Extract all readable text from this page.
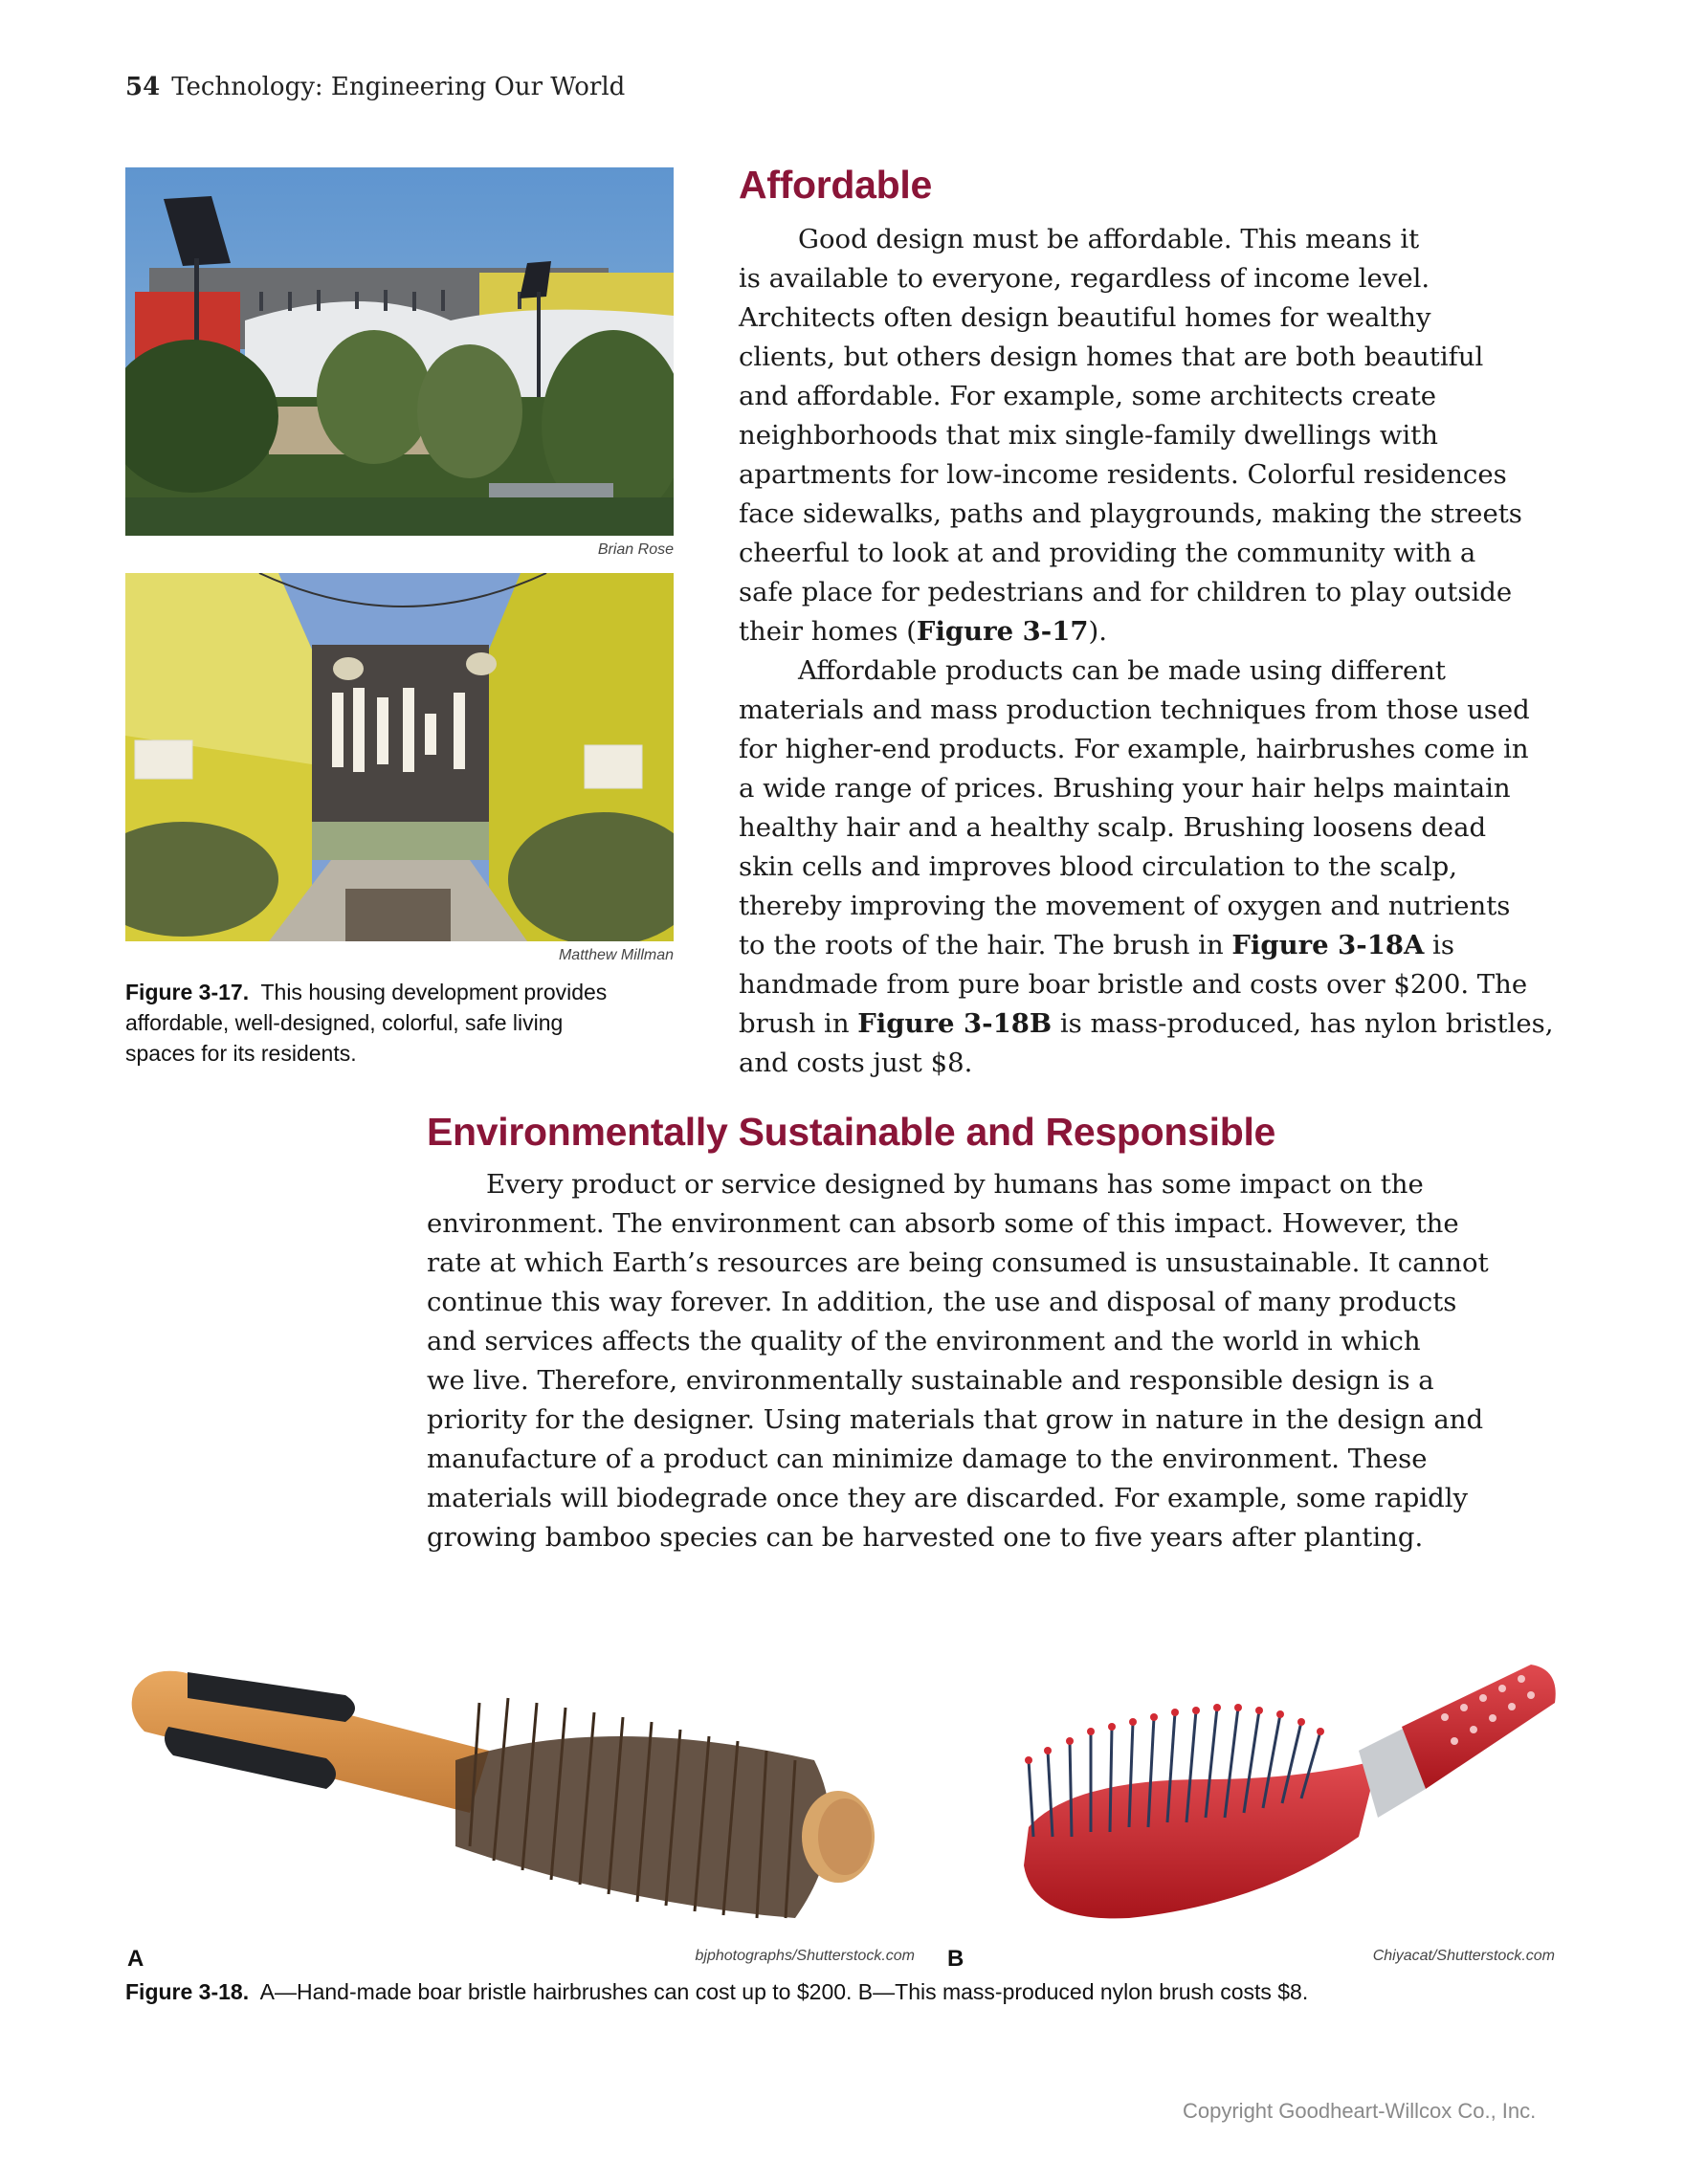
54 Technology: Engineering Our World
Brian Rose
Matthew Millman
Figure 3-17. This housing development provides
affordable, well-designed, colorful, safe living
spaces for its residents.
Affordable
Good design must be affordable. This means it
is available to everyone, regardless of income level.
Architects often design beautiful homes for wealthy
clients, but others design homes that are both beautiful
and affordable. For example, some architects create
neighborhoods that mix single-family dwellings with
apartments for low-income residents. Colorful residences
face sidewalks, paths and playgrounds, making the streets
cheerful to look at and providing the community with a
safe place for pedestrians and for children to play outside
their homes (Figure 3-17).
Affordable products can be made using different
materials and mass production techniques from those used
for higher-end products. For example, hairbrushes come in
a wide range of prices. Brushing your hair helps maintain
healthy hair and a healthy scalp. Brushing loosens dead
skin cells and improves blood circulation to the scalp,
thereby improving the movement of oxygen and nutrients
to the roots of the hair. The brush in Figure 3-18A is
handmade from pure boar bristle and costs over $200. The
brush in Figure 3-18B is mass-produced, has nylon bristles,
and costs just $8.
Environmentally Sustainable and Responsible
Every product or service designed by humans has some impact on the
environment. The environment can absorb some of this impact. However, the
rate at which Earth’s resources are being consumed is unsustainable. It cannot
continue this way forever. In addition, the use and disposal of many products
and services affects the quality of the environment and the world in which
we live. Therefore, environmentally sustainable and responsible design is a
priority for the designer. Using materials that grow in nature in the design and
manufacture of a product can minimize damage to the environment. These
materials will biodegrade once they are discarded. For example, some rapidly
growing bamboo species can be harvested one to five years after planting.
A	bjphotographs/Shutterstock.com B	Chiyacat/Shutterstock.com
Figure 3-18. A—Hand-made boar bristle hairbrushes can cost up to $200. B—This mass-produced nylon brush costs $8.
Copyright Goodheart-Willcox Co., Inc.
